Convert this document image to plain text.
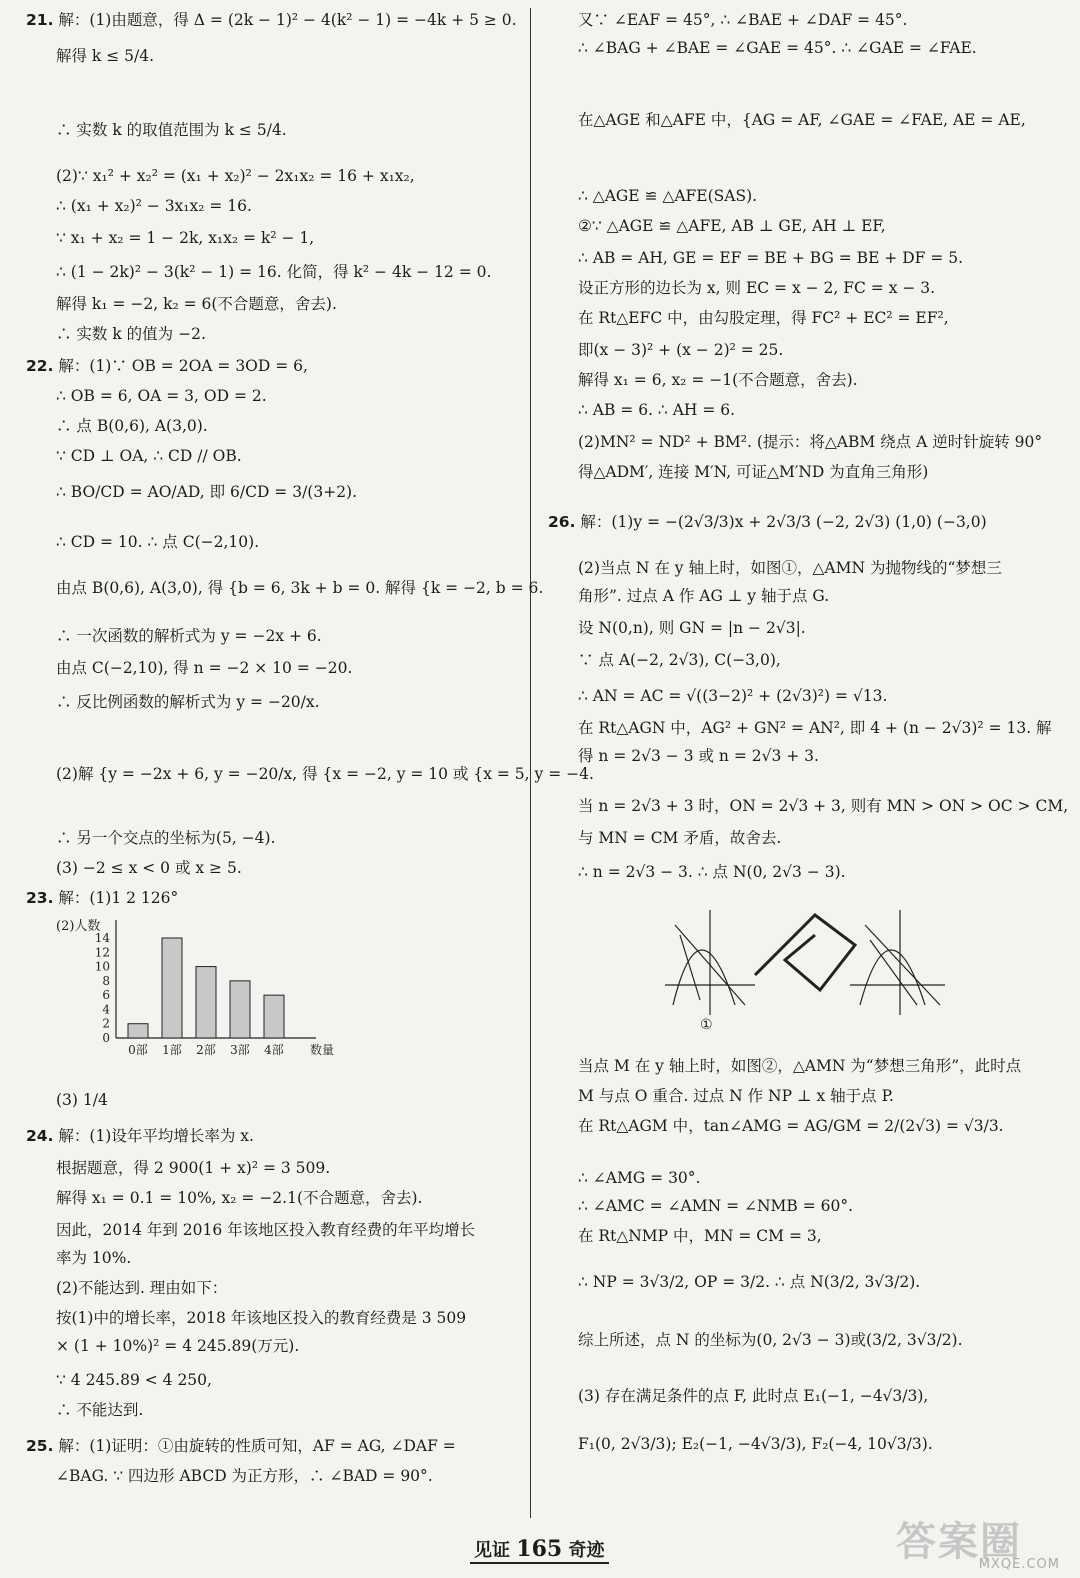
21. 解：(1)由题意，得 Δ = (2k − 1)² − 4(k² − 1) = −4k + 5 ≥ 0.

解得 k ≤ 5/4.

∴ 实数 k 的取值范围为 k ≤ 5/4.

(2)∵ x₁² + x₂² = (x₁ + x₂)² − 2x₁x₂ = 16 + x₁x₂,

∴ (x₁ + x₂)² − 3x₁x₂ = 16.

∵ x₁ + x₂ = 1 − 2k, x₁x₂ = k² − 1,

∴ (1 − 2k)² − 3(k² − 1) = 16. 化简，得 k² − 4k − 12 = 0.

解得 k₁ = −2, k₂ = 6(不合题意，舍去).

∴ 实数 k 的值为 −2.

22. 解：(1)∵ OB = 2OA = 3OD = 6,

∴ OB = 6, OA = 3, OD = 2.

∴ 点 B(0,6), A(3,0).

∵ CD ⊥ OA, ∴ CD // OB.

∴ BO/CD = AO/AD, 即 6/CD = 3/(3+2).

∴ CD = 10. ∴ 点 C(−2,10).

由点 B(0,6), A(3,0), 得 {b = 6, 3k + b = 0. 解得 {k = −2, b = 6.

∴ 一次函数的解析式为 y = −2x + 6.

由点 C(−2,10), 得 n = −2 × 10 = −20.

∴ 反比例函数的解析式为 y = −20/x.

(2)解 {y = −2x + 6, y = −20/x, 得 {x = −2, y = 10 或 {x = 5, y = −4.

∴ 另一个交点的坐标为(5, −4).

(3) −2 ≤ x < 0 或 x ≥ 5.

23. 解：(1)1 2 126°

(3) 1/4

24. 解：(1)设年平均增长率为 x.

根据题意，得 2 900(1 + x)² = 3 509.

解得 x₁ = 0.1 = 10%, x₂ = −2.1(不合题意，舍去).

因此，2014 年到 2016 年该地区投入教育经费的年平均增长

率为 10%.

(2)不能达到. 理由如下：

按(1)中的增长率，2018 年该地区投入的教育经费是 3 509

× (1 + 10%)² = 4 245.89(万元).

∵ 4 245.89 < 4 250,

∴ 不能达到.

25. 解：(1)证明：①由旋转的性质可知，AF = AG, ∠DAF =

∠BAG. ∵ 四边形 ABCD 为正方形，∴ ∠BAD = 90°.

又∵ ∠EAF = 45°, ∴ ∠BAE + ∠DAF = 45°.

∴ ∠BAG + ∠BAE = ∠GAE = 45°. ∴ ∠GAE = ∠FAE.

在△AGE 和△AFE 中，{AG = AF, ∠GAE = ∠FAE, AE = AE,

∴ △AGE ≌ △AFE(SAS).

②∵ △AGE ≌ △AFE, AB ⊥ GE, AH ⊥ EF,

∴ AB = AH, GE = EF = BE + BG = BE + DF = 5.

设正方形的边长为 x, 则 EC = x − 2, FC = x − 3.

在 Rt△EFC 中，由勾股定理，得 FC² + EC² = EF²,

即(x − 3)² + (x − 2)² = 25.

解得 x₁ = 6, x₂ = −1(不合题意，舍去).

∴ AB = 6. ∴ AH = 6.

(2)MN² = ND² + BM². (提示：将△ABM 绕点 A 逆时针旋转 90°

得△ADM′, 连接 M′N, 可证△M′ND 为直角三角形)

26. 解：(1)y = −(2√3/3)x + 2√3/3 (−2, 2√3) (1,0) (−3,0)

(2)当点 N 在 y 轴上时，如图①，△AMN 为抛物线的“梦想三

角形”. 过点 A 作 AG ⊥ y 轴于点 G.

设 N(0,n), 则 GN = |n − 2√3|.

∵ 点 A(−2, 2√3), C(−3,0),

∴ AN = AC = √((3−2)² + (2√3)²) = √13.

在 Rt△AGN 中，AG² + GN² = AN², 即 4 + (n − 2√3)² = 13. 解

得 n = 2√3 − 3 或 n = 2√3 + 3.

当 n = 2√3 + 3 时，ON = 2√3 + 3, 则有 MN > ON > OC > CM,

与 MN = CM 矛盾，故舍去.

∴ n = 2√3 − 3. ∴ 点 N(0, 2√3 − 3).

当点 M 在 y 轴上时，如图②，△AMN 为“梦想三角形”，此时点

M 与点 O 重合. 过点 N 作 NP ⊥ x 轴于点 P.

在 Rt△AGM 中，tan∠AMG = AG/GM = 2/(2√3) = √3/3.

∴ ∠AMG = 30°.

∴ ∠AMC = ∠AMN = ∠NMB = 60°.

在 Rt△NMP 中，MN = CM = 3,

∴ NP = 3√3/2, OP = 3/2. ∴ 点 N(3/2, 3√3/2).

综上所述，点 N 的坐标为(0, 2√3 − 3)或(3/2, 3√3/2).

(3) 存在满足条件的点 F, 此时点 E₁(−1, −4√3/3),

F₁(0, 2√3/3); E₂(−1, −4√3/3), F₂(−4, 10√3/3).

(2)人数
数量
0
2
4
6
8
10
12
14
0部 1部 2部 3部 4部
①
见证 165 奇迹	答案圈
MXQE.COM
